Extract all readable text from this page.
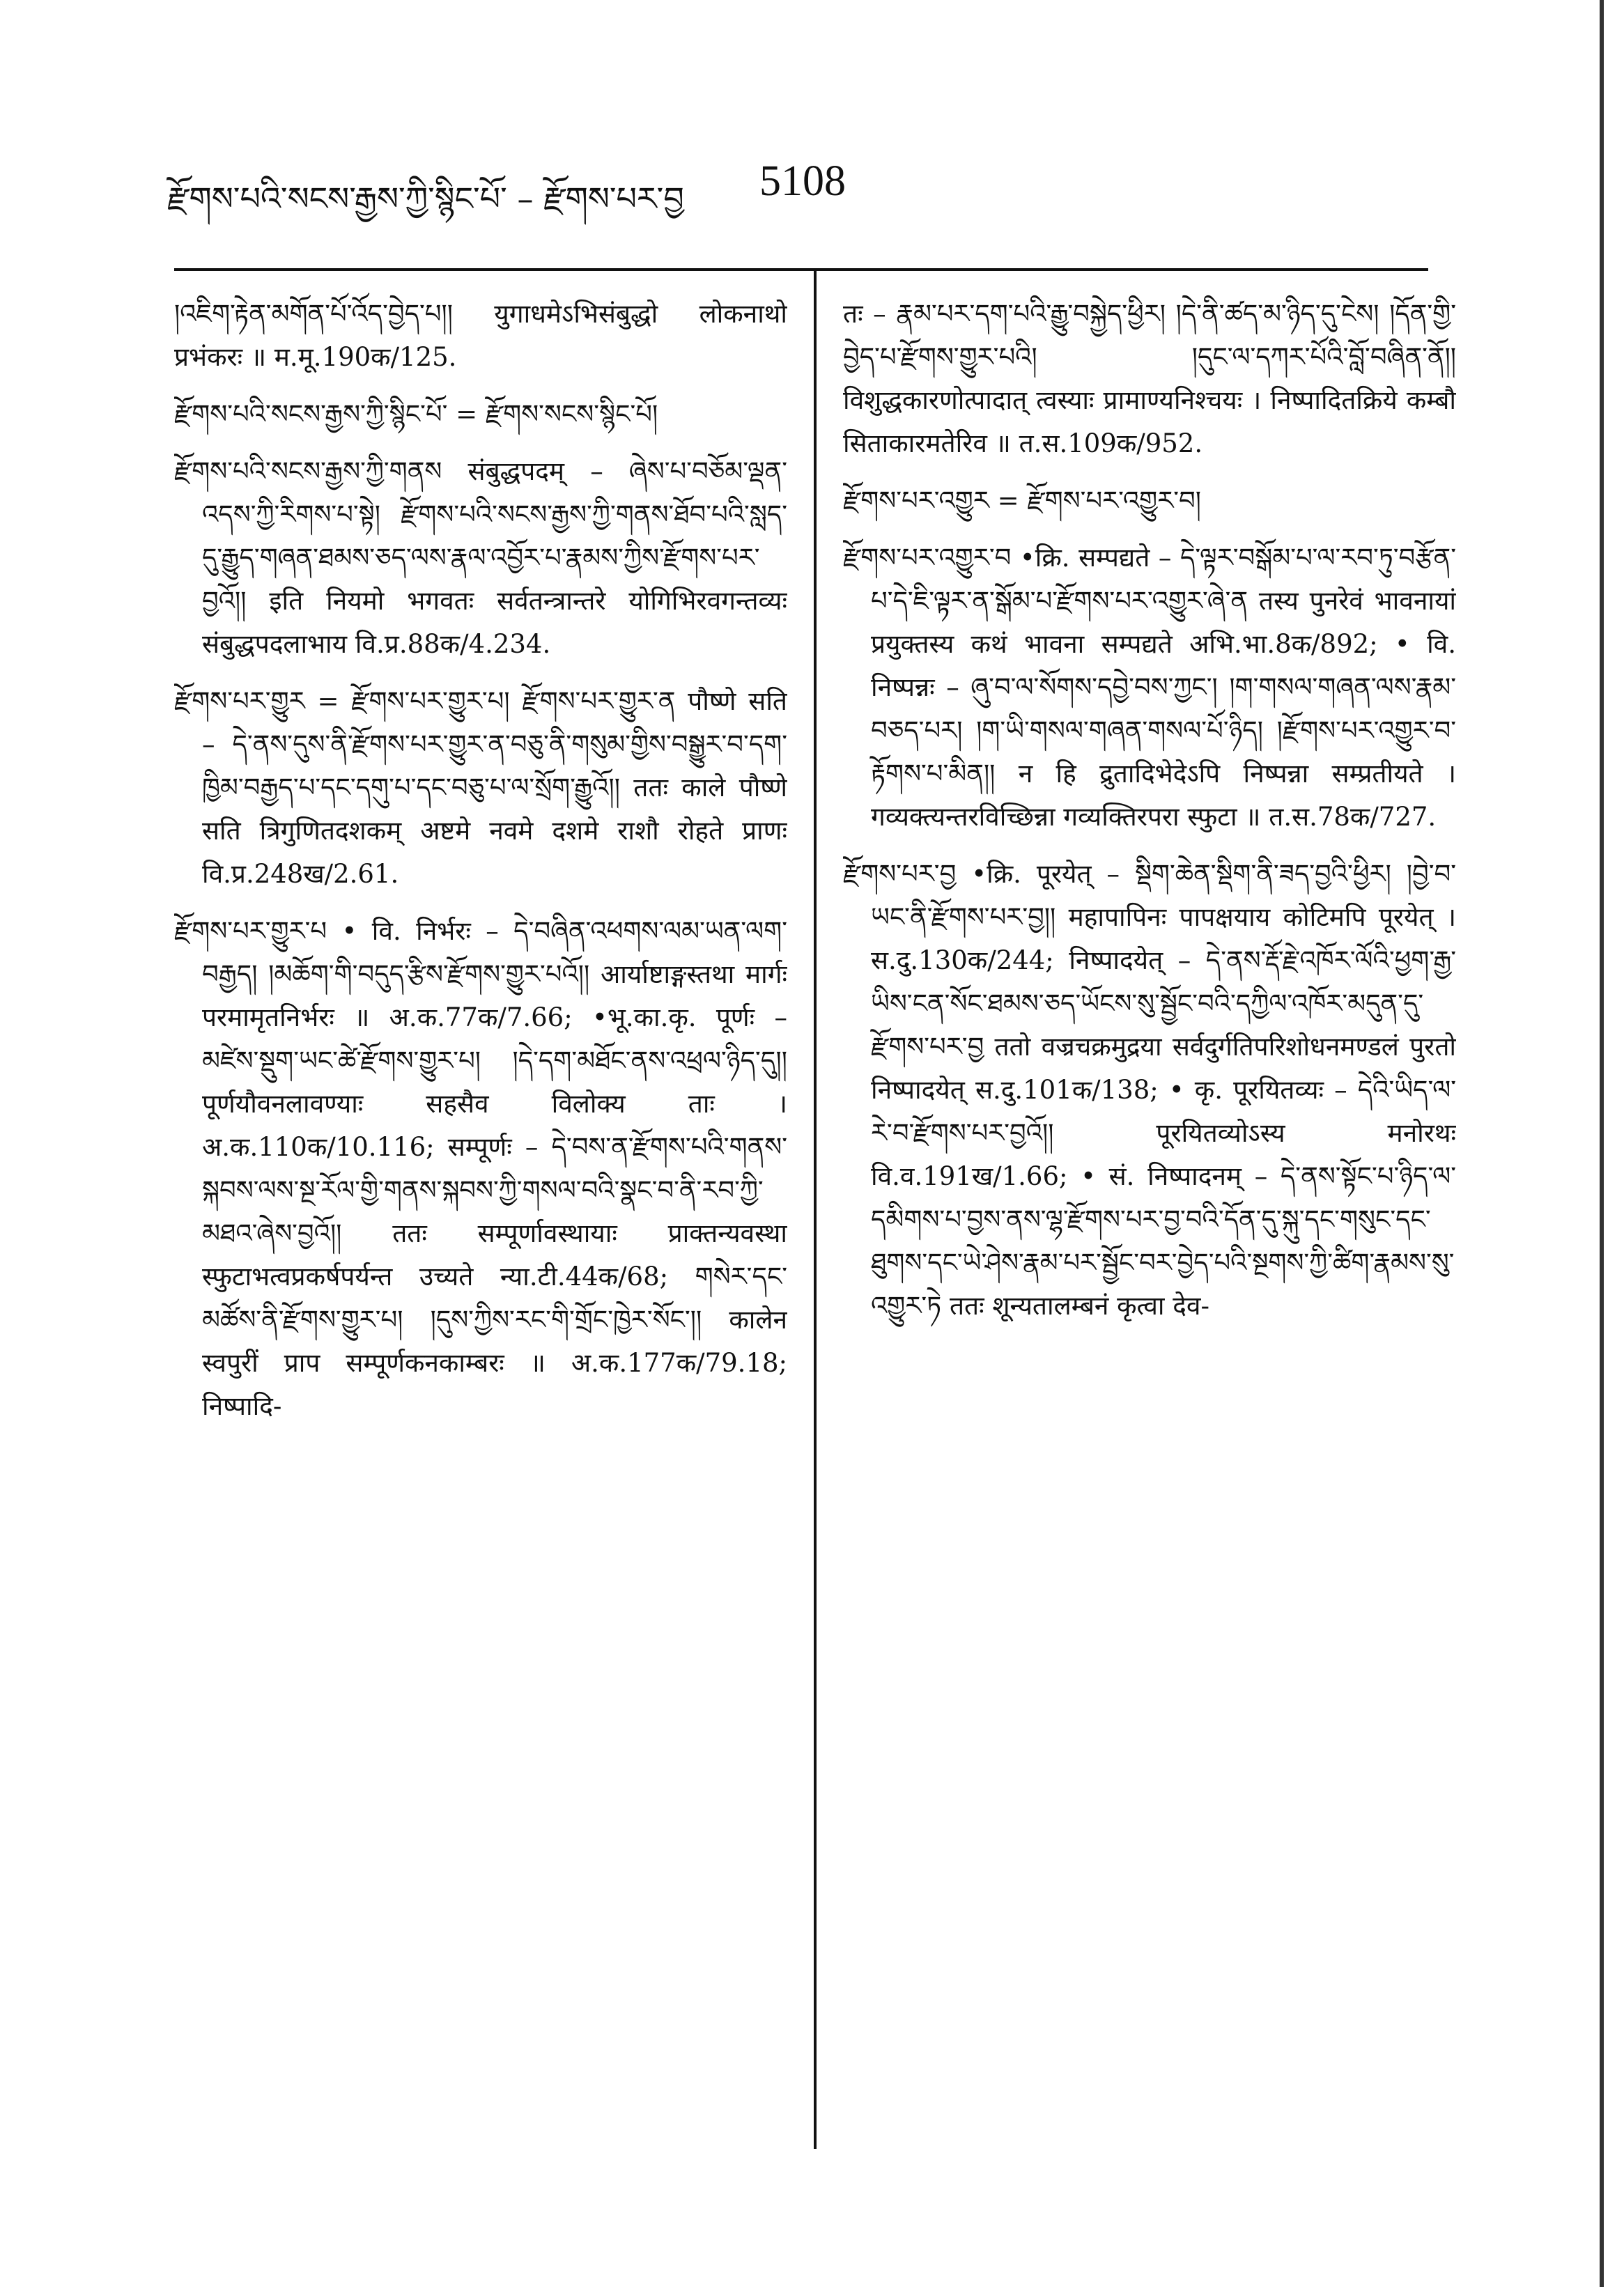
རྫོགས་པའི་སངས་རྒྱས་ཀྱི་སྙིང་པོ་ – རྫོགས་པར་བྱ 5108

།འཇིག་རྟེན་མགོན་པོ་འོད་བྱེད་པ།། युगाधमेऽभिसंबुद्धो लोकनाथो प्रभंकरः ॥ म.मू.190क/125.

རྫོགས་པའི་སངས་རྒྱས་ཀྱི་སྙིང་པོ་ = རྫོགས་སངས་སྙིང་པོ།

རྫོགས་པའི་སངས་རྒྱས་ཀྱི་གནས संबुद्धपदम् – ཞེས་པ་བཅོམ་ལྡན་འདས་ཀྱི་རིགས་པ་སྟེ། རྫོགས་པའི་སངས་རྒྱས་ཀྱི་གནས་ཐོབ་པའི་སླད་དུ་རྒྱུད་གཞན་ཐམས་ཅད་ལས་རྣལ་འབྱོར་པ་རྣམས་ཀྱིས་རྫོགས་པར་བྱའོ།། इति नियमो भगवतः सर्वतन्त्रान्तरे योगिभिरवगन्तव्यः संबुद्धपदलाभाय वि.प्र.88क/4.234.

རྫོགས་པར་གྱུར = རྫོགས་པར་གྱུར་པ། རྫོགས་པར་གྱུར་ན पौष्णे सति – དེ་ནས་དུས་ནི་རྫོགས་པར་གྱུར་ན་བཅུ་ནི་གསུམ་གྱིས་བསྒྱུར་བ་དག་ཁྱིམ་བརྒྱད་པ་དང་དགུ་པ་དང་བཅུ་པ་ལ་སྲོག་རྒྱུའོ།། ततः काले पौष्णे सति त्रिगुणितदशकम् अष्टमे नवमे दशमे राशौ रोहते प्राणः वि.प्र.248ख/2.61.

རྫོགས་པར་གྱུར་པ • वि. निर्भरः – དེ་བཞིན་འཕགས་ལམ་ཡན་ལག་བརྒྱད། །མཆོག་གི་བདུད་རྩིས་རྫོགས་གྱུར་པའོ།། आर्याष्टाङ्गस्तथा मार्गः परमामृतनिर्भरः ॥ अ.क.77क/7.66; •भू.का.कृ. पूर्णः – མཛེས་སྡུག་ཡང་ཚེ་རྫོགས་གྱུར་པ། །དེ་དག་མཐོང་ནས་འཕྲལ་ཉིད་དུ།། पूर्णयौवनलावण्याः सहसैव विलोक्य ताः । अ.क.110क/10.116; सम्पूर्णः – དེ་བས་ན་རྫོགས་པའི་གནས་སྐབས་ལས་སྔ་རོལ་གྱི་གནས་སྐབས་ཀྱི་གསལ་བའི་སྣང་བ་ནི་རབ་ཀྱི་མཐའ་ཞེས་བྱའོ།། ततः सम्पूर्णावस्थायाः प्राक्तन्यवस्था स्फुटाभत्वप्रकर्षपर्यन्त उच्यते न्या.टी.44क/68; གསེར་དང་མཚོས་ནི་རྫོགས་གྱུར་པ། །དུས་ཀྱིས་རང་གི་གྲོང་ཁྱེར་སོང་།། कालेन स्वपुरीं प्राप सम्पूर्णकनकाम्बरः ॥ अ.क.177क/79.18; निष्पादि-

तः – རྣམ་པར་དག་པའི་རྒྱུ་བསྐྱེད་ཕྱིར། །དེ་ནི་ཚད་མ་ཉིད་དུ་ངེས། །དོན་གྱི་བྱེད་པ་རྫོགས་གྱུར་པའི། །དུང་ལ་དཀར་པོའི་བློ་བཞིན་ནོ།། विशुद्धकारणोत्पादात् त्वस्याः प्रामाण्यनिश्चयः । निष्पादितक्रिये कम्बौ सिताकारमतेरिव ॥ त.स.109क/952.

རྫོགས་པར་འགྱུར = རྫོགས་པར་འགྱུར་བ།

རྫོགས་པར་འགྱུར་བ •क्रि. सम्पद्यते – དེ་ལྟར་བསྒོམ་པ་ལ་རབ་ཏུ་བརྩོན་པ་དེ་ཇི་ལྟར་ན་སྒོམ་པ་རྫོགས་པར་འགྱུར་ཞེ་ན तस्य पुनरेवं भावनायां प्रयुक्तस्य कथं भावना सम्पद्यते अभि.भा.8क/892; • वि. निष्पन्नः – ཞུ་བ་ལ་སོགས་དབྱེ་བས་ཀྱང་། །ག་གསལ་གཞན་ལས་རྣམ་བཅད་པར། །ག་ཡི་གསལ་གཞན་གསལ་པོ་ཉིད། །རྫོགས་པར་འགྱུར་བ་རྟོགས་པ་མིན།། न हि द्रुतादिभेदेऽपि निष्पन्ना सम्प्रतीयते । गव्यक्त्यन्तरविच्छिन्ना गव्यक्तिरपरा स्फुटा ॥ त.स.78क/727.

རྫོགས་པར་བྱ •क्रि. पूरयेत् – སྡིག་ཆེན་སྡིག་ནི་ཟད་བྱའི་ཕྱིར། །བྱེ་བ་ཡང་ནི་རྫོགས་པར་བྱ།། महापापिनः पापक्षयाय कोटिमपि पूरयेत् । स.दु.130क/244; निष्पादयेत् – དེ་ནས་རྡོ་རྗེ་འཁོར་ལོའི་ཕྱག་རྒྱ་ཡིས་ངན་སོང་ཐམས་ཅད་ཡོངས་སུ་སྦྱོང་བའི་དཀྱིལ་འཁོར་མདུན་དུ་རྫོགས་པར་བྱ ततो वज्रचक्रमुद्रया सर्वदुर्गतिपरिशोधनमण्डलं पुरतो निष्पादयेत् स.दु.101क/138; • कृ. पूरयितव्यः – དེའི་ཡིད་ལ་རེ་བ་རྫོགས་པར་བྱའོ།། पूरयितव्योऽस्य मनोरथः वि.व.191ख/1.66; • सं. निष्पादनम् – དེ་ནས་སྟོང་པ་ཉིད་ལ་དམིགས་པ་བྱས་ནས་ལྷ་རྫོགས་པར་བྱ་བའི་དོན་དུ་སྐུ་དང་གསུང་དང་ཐུགས་དང་ཡེ་ཤེས་རྣམ་པར་སྦྱོང་བར་བྱེད་པའི་སྔགས་ཀྱི་ཚིག་རྣམས་སུ་འགྱུར་ཏེ ततः शून्यतालम्बनं कृत्वा देव-
